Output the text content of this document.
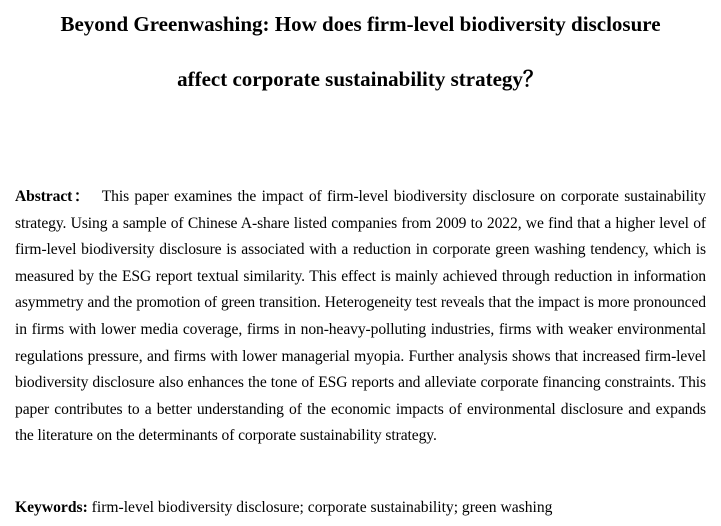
Beyond Greenwashing: How does firm-level biodiversity disclosure
affect corporate sustainability strategy？

Abstract： This paper examines the impact of firm-level biodiversity disclosure on corporate sustainability strategy. Using a sample of Chinese A-share listed companies from 2009 to 2022, we find that a higher level of firm-level biodiversity disclosure is associated with a reduction in corporate green washing tendency, which is measured by the ESG report textual similarity. This effect is mainly achieved through reduction in information asymmetry and the promotion of green transition. Heterogeneity test reveals that the impact is more pronounced in firms with lower media coverage, firms in non-heavy-polluting industries, firms with weaker environmental regulations pressure, and firms with lower managerial myopia. Further analysis shows that increased firm-level biodiversity disclosure also enhances the tone of ESG reports and alleviate corporate financing constraints. This paper contributes to a better understanding of the economic impacts of environmental disclosure and expands the literature on the determinants of corporate sustainability strategy.

Keywords: firm-level biodiversity disclosure; corporate sustainability; green washing
